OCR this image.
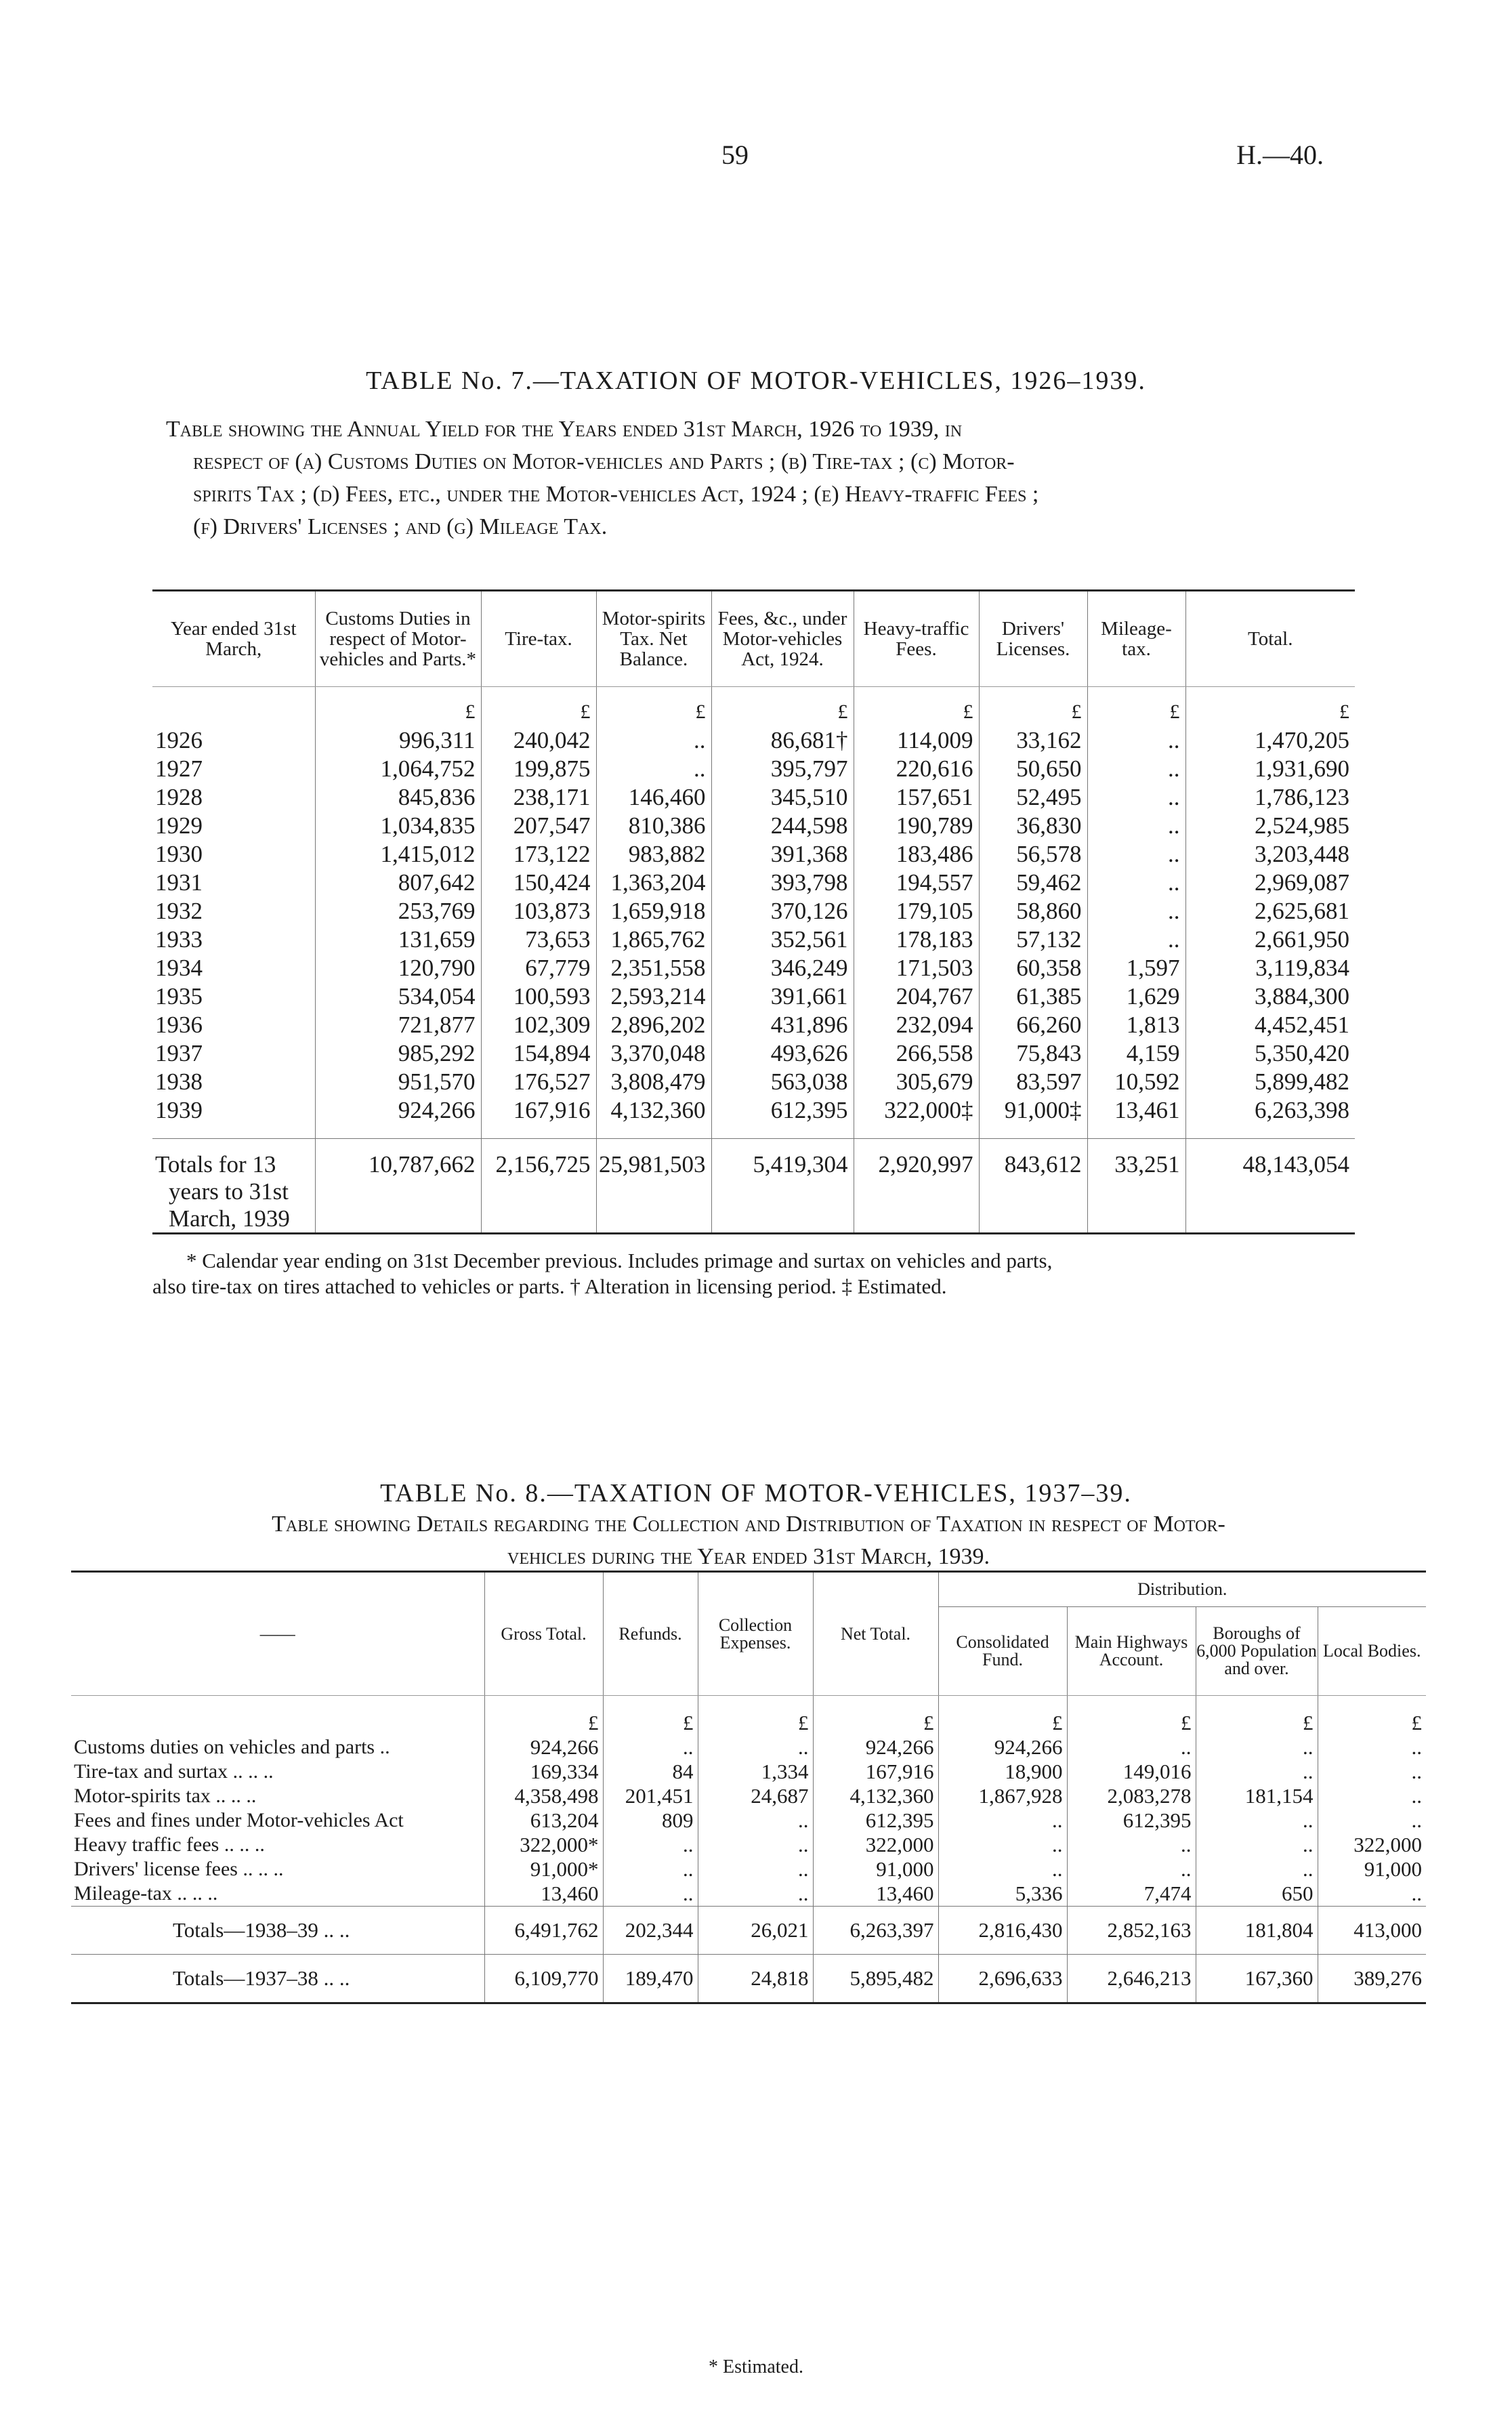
59	H.—40.
TABLE No. 7.—TAXATION OF MOTOR-VEHICLES, 1926–1939.
Table showing the Annual Yield for the Years ended 31st March, 1926 to 1939, in
respect of (a) Customs Duties on Motor-vehicles and Parts ; (b) Tire-tax ; (c) Motor-
spirits Tax ; (d) Fees, etc., under the Motor-vehicles Act, 1924 ; (e) Heavy-traffic Fees ;
(f) Drivers' Licenses ; and (g) Mileage Tax.
Year ended 31st March,	Customs Duties in respect of Motor-vehicles and Parts.*	Tire-tax.	Motor-spirits Tax. Net Balance.	Fees, &c., under Motor-vehicles Act, 1924.	Heavy-traffic Fees.	Drivers' Licenses.	Mileage-tax.	Total.
	£	£	£	£	£	£	£	£
1926	996,311	240,042	..	86,681†	114,009	33,162	..	1,470,205
1927	1,064,752	199,875	..	395,797	220,616	50,650	..	1,931,690
1928	845,836	238,171	146,460	345,510	157,651	52,495	..	1,786,123
1929	1,034,835	207,547	810,386	244,598	190,789	36,830	..	2,524,985
1930	1,415,012	173,122	983,882	391,368	183,486	56,578	..	3,203,448
1931	807,642	150,424	1,363,204	393,798	194,557	59,462	..	2,969,087
1932	253,769	103,873	1,659,918	370,126	179,105	58,860	..	2,625,681
1933	131,659	73,653	1,865,762	352,561	178,183	57,132	..	2,661,950
1934	120,790	67,779	2,351,558	346,249	171,503	60,358	1,597	3,119,834
1935	534,054	100,593	2,593,214	391,661	204,767	61,385	1,629	3,884,300
1936	721,877	102,309	2,896,202	431,896	232,094	66,260	1,813	4,452,451
1937	985,292	154,894	3,370,048	493,626	266,558	75,843	4,159	5,350,420
1938	951,570	176,527	3,808,479	563,038	305,679	83,597	10,592	5,899,482
1939	924,266	167,916	4,132,360	612,395	322,000‡	91,000‡	13,461	6,263,398

Totals for 13
years to 31st
March, 1939	10,787,662	2,156,725	25,981,503	5,419,304	2,920,997	843,612	33,251	48,143,054
* Calendar year ending on 31st December previous. Includes primage and surtax on vehicles and parts,
also tire-tax on tires attached to vehicles or parts. † Alteration in licensing period. ‡ Estimated.
TABLE No. 8.—TAXATION OF MOTOR-VEHICLES, 1937–39.
Table showing Details regarding the Collection and Distribution of Taxation in respect of Motor-
vehicles during the Year ended 31st March, 1939.
——	Gross Total.	Refunds.	Collection Expenses.	Net Total.	Distribution.			
					Consolidated Fund.	Main Highways Account.	Boroughs of 6,000 Population and over.	Local Bodies.
	£	£	£	£	£	£	£	£
Customs duties on vehicles and parts ..	924,266	..	..	924,266	924,266	..	..	..
Tire-tax and surtax .. .. ..	169,334	84	1,334	167,916	18,900	149,016	..	..
Motor-spirits tax .. .. ..	4,358,498	201,451	24,687	4,132,360	1,867,928	2,083,278	181,154	..
Fees and fines under Motor-vehicles Act	613,204	809	..	612,395	..	612,395	..	..
Heavy traffic fees .. .. ..	322,000*	..	..	322,000	..	..	..	322,000
Drivers' license fees .. .. ..	91,000*	..	..	91,000	..	..	..	91,000
Mileage-tax .. .. ..	13,460	..	..	13,460	5,336	7,474	650	..
Totals—1938–39 .. ..	6,491,762	202,344	26,021	6,263,397	2,816,430	2,852,163	181,804	413,000
Totals—1937–38 .. ..	6,109,770	189,470	24,818	5,895,482	2,696,633	2,646,213	167,360	389,276
* Estimated.
